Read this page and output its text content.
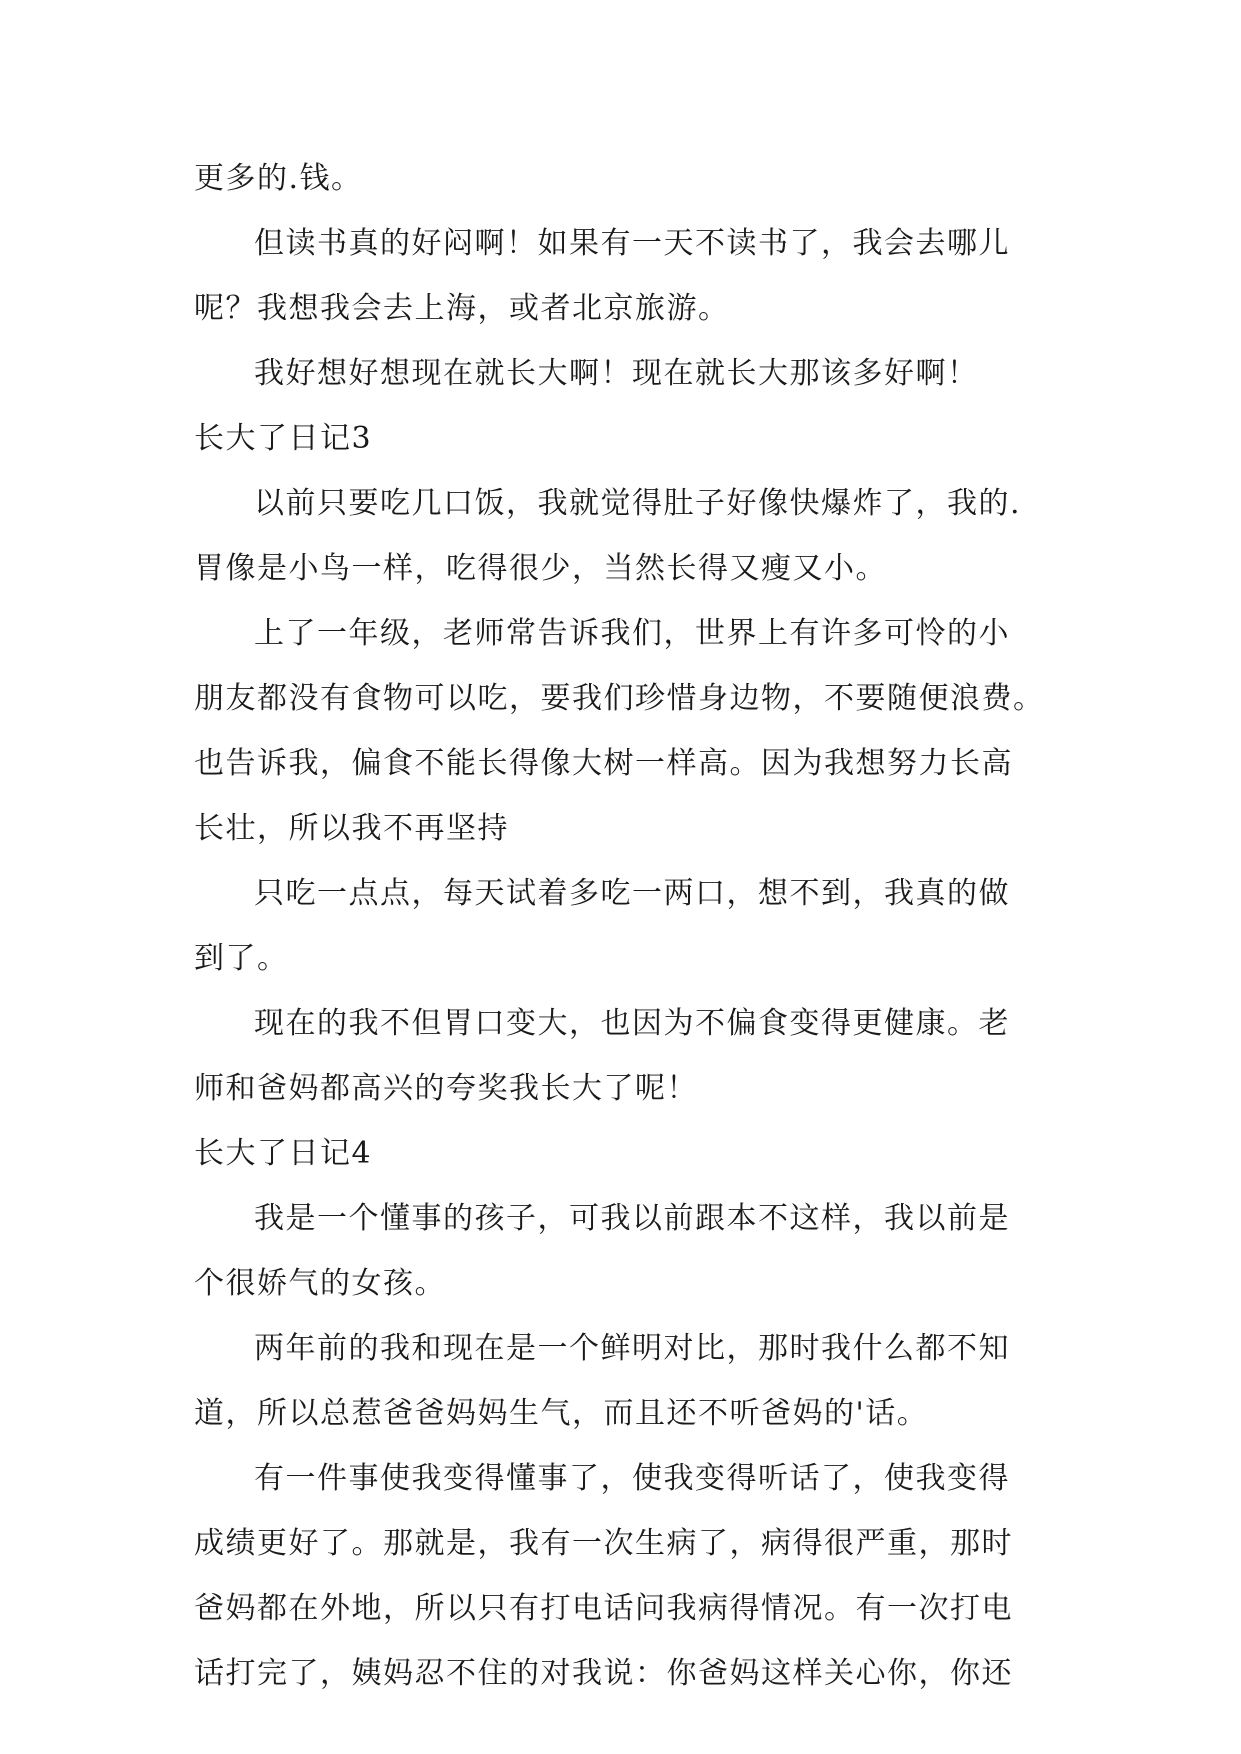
更多的.钱。

但读书真的好闷啊！如果有一天不读书了，我会去哪儿
呢？我想我会去上海，或者北京旅游。

我好想好想现在就长大啊！现在就长大那该多好啊！

长大了日记3

以前只要吃几口饭，我就觉得肚子好像快爆炸了，我的.
胃像是小鸟一样，吃得很少，当然长得又瘦又小。

上了一年级，老师常告诉我们，世界上有许多可怜的小
朋友都没有食物可以吃，要我们珍惜身边物，不要随便浪费。
也告诉我，偏食不能长得像大树一样高。因为我想努力长高
长壮，所以我不再坚持

只吃一点点，每天试着多吃一两口，想不到，我真的做
到了。

现在的我不但胃口变大，也因为不偏食变得更健康。老
师和爸妈都高兴的夸奖我长大了呢！

长大了日记4

我是一个懂事的孩子，可我以前跟本不这样，我以前是
个很娇气的女孩。

两年前的我和现在是一个鲜明对比，那时我什么都不知
道，所以总惹爸爸妈妈生气，而且还不听爸妈的'话。

有一件事使我变得懂事了，使我变得听话了，使我变得
成绩更好了。那就是，我有一次生病了，病得很严重，那时
爸妈都在外地，所以只有打电话问我病得情况。有一次打电
话打完了，姨妈忍不住的对我说：你爸妈这样关心你，你还
